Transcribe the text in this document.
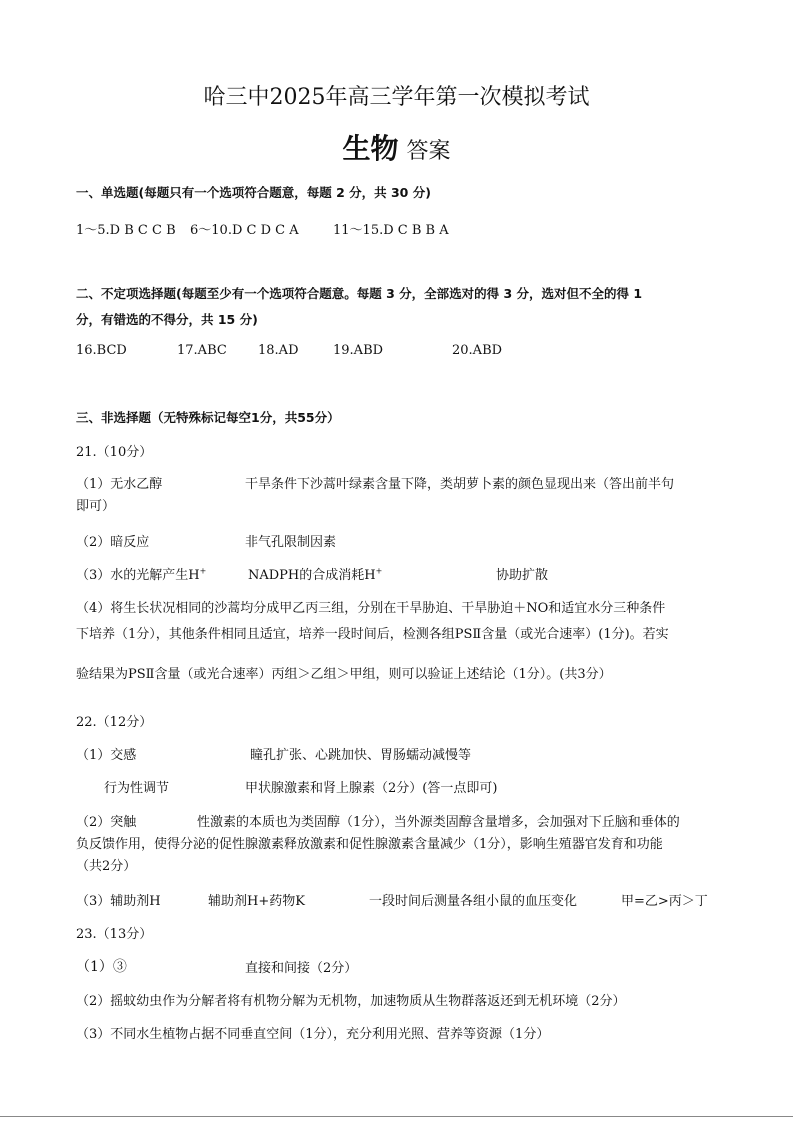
哈三中2025年高三学年第一次模拟考试
生物 答案
一、单选题(每题只有一个选项符合题意，每题 2 分，共 30 分)
1～5.D B C C B 6～10.D C D C A	11～15.D C B B A
二、不定项选择题(每题至少有一个选项符合题意。每题 3 分，全部选对的得 3 分，选对但不全的得 1
分，有错选的不得分，共 15 分)
16.BCD	17.ABC 18.AD	19.ABD	20.ABD
三、非选择题（无特殊标记每空1分，共55分）
21.（10分）
（1）无水乙醇	干旱条件下沙蒿叶绿素含量下降，类胡萝卜素的颜色显现出来（答出前半句
即可）
（2）暗反应	非气孔限制因素
（3）水的光解产生H+	NADPH的合成消耗H+	协助扩散
（4）将生长状况相同的沙蒿均分成甲乙丙三组，分别在干旱胁迫、干旱胁迫＋NO和适宜水分三种条件
下培养（1分），其他条件相同且适宜，培养一段时间后，检测各组PSⅡ含量（或光合速率）(1分)。若实
验结果为PSⅡ含量（或光合速率）丙组＞乙组＞甲组，则可以验证上述结论（1分）。(共3分）
22.（12分）
（1）交感	瞳孔扩张、心跳加快、胃肠蠕动减慢等
行为性调节	甲状腺激素和肾上腺素（2分）(答一点即可)
（2）突触	性激素的本质也为类固醇（1分），当外源类固醇含量增多，会加强对下丘脑和垂体的
负反馈作用，使得分泌的促性腺激素释放激素和促性腺激素含量减少（1分），影响生殖器官发育和功能
（共2分）
（3）辅助剂H	辅助剂H+药物K	一段时间后测量各组小鼠的血压变化	甲=乙>丙＞丁
23.（13分）
（1）③	直接和间接（2分）
（2）摇蚊幼虫作为分解者将有机物分解为无机物，加速物质从生物群落返还到无机环境（2分）
（3）不同水生植物占据不同垂直空间（1分），充分利用光照、营养等资源（1分）
